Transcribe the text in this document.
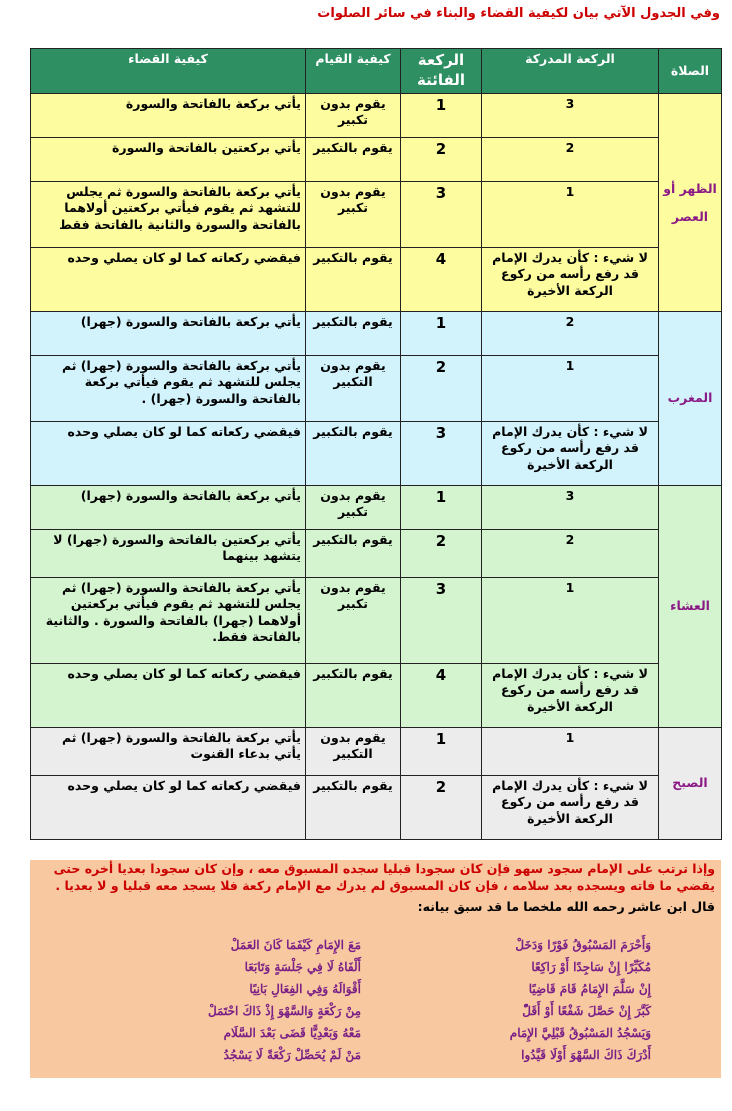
وفي الجدول الآتي بيان لكيفية القضاء والبناء في سائر الصلوات
الصلاة	الركعة المدركة	الركعة الفائتة	كيفية القيام	كيفية القضاء
الظهر أو العصر	3	1	يقوم بدون تكبير	يأتي بركعة بالفاتحة والسورة
	2	2	يقوم بالتكبير	يأتي بركعتين بالفاتحة والسورة
	1	3	يقوم بدون تكبير	يأتي بركعة بالفاتحة والسورة ثم يجلس للتشهد ثم يقوم فيأتي بركعتين أولاهما بالفاتحة والسورة والثانية بالفاتحة فقط
	لا شيء : كأن يدرك الإمام قد رفع رأسه من ركوع الركعة الأخيرة	4	يقوم بالتكبير	فيقضي ركعاته كما لو كان يصلي وحده
المغرب	2	1	يقوم بالتكبير	يأتي بركعة بالفاتحة والسورة (جهرا)
	1	2	يقوم بدون التكبير	يأتي بركعة بالفاتحة والسورة (جهرا) ثم يجلس للتشهد ثم يقوم فيأتي بركعة بالفاتحة والسورة (جهرا) .
	لا شيء : كأن يدرك الإمام قد رفع رأسه من ركوع الركعة الأخيرة	3	يقوم بالتكبير	فيقضي ركعاته كما لو كان يصلي وحده
العشاء	3	1	يقوم بدون تكبير	يأتي بركعة بالفاتحة والسورة (جهرا)
	2	2	يقوم بالتكبير	يأتي بركعتين بالفاتحة والسورة (جهرا) لا يتشهد بينهما
	1	3	يقوم بدون تكبير	يأتي بركعة بالفاتحة والسورة (جهرا) ثم يجلس للتشهد ثم يقوم فيأتي بركعتين أولاهما (جهرا) بالفاتحة والسورة . والثانية بالفاتحة فقط.
	لا شيء : كأن يدرك الإمام قد رفع رأسه من ركوع الركعة الأخيرة	4	يقوم بالتكبير	فيقضي ركعاته كما لو كان يصلي وحده
الصبح	1	1	يقوم بدون التكبير	يأتي بركعة بالفاتحة والسورة (جهرا) ثم يأتي بدعاء القنوت
	لا شيء : كأن يدرك الإمام قد رفع رأسه من ركوع الركعة الأخيرة	2	يقوم بالتكبير	فيقضي ركعاته كما لو كان يصلي وحده
وإذا ترتب على الإمام سجود سهو فإن كان سجودا قبليا سجده المسبوق معه ، وإن كان سجودا بعديا أخره حتى يقضي ما فاته ويسجده بعد سلامه ، فإن كان المسبوق لم يدرك مع الإمام ركعة فلا يسجد معه قبليا و لا بعديا .
قال ابن عاشر رحمه الله ملخصا ما قد سبق بيانه:
وَأَحْرَمَ المَسْبُوقُ فَوْرًا وَدَخَلْ
مَعَ الإِمَامِ كَيْفَمَا كَانَ العَمَلْ
مُكَبِّرًا إِنْ سَاجِدًا أَوْ رَاكِعًا
أَلْفَاهُ لَا فِي جَلْسَةٍ وَتَابَعَا
إِنْ سَلَّمَ الإِمَامُ قَامَ قَاضِيًا
أَقْوَالَهُ وَفِي الفِعَالِ بَانِيًا
كَبَّرَ إِنْ حَصَّلَ شَفْعًا أَوْ أَقَلّْ
مِنْ رَكْعَةٍ وَالسَّهْوَ إِذْ ذَاكَ احْتَمَلْ
وَيَسْجُدُ المَسْبُوقُ قَبْلِيَّ الإِمَام
مَعْهُ وَبَعْدِيًّا قَضَى بَعْدَ السَّلَام
أَدْرَكَ ذَاكَ السَّهْوَ أَوْلَا قَيَّدُوا
مَنْ لَمْ يُحَصِّلْ رَكْعَةً لَا يَسْجُدُ
